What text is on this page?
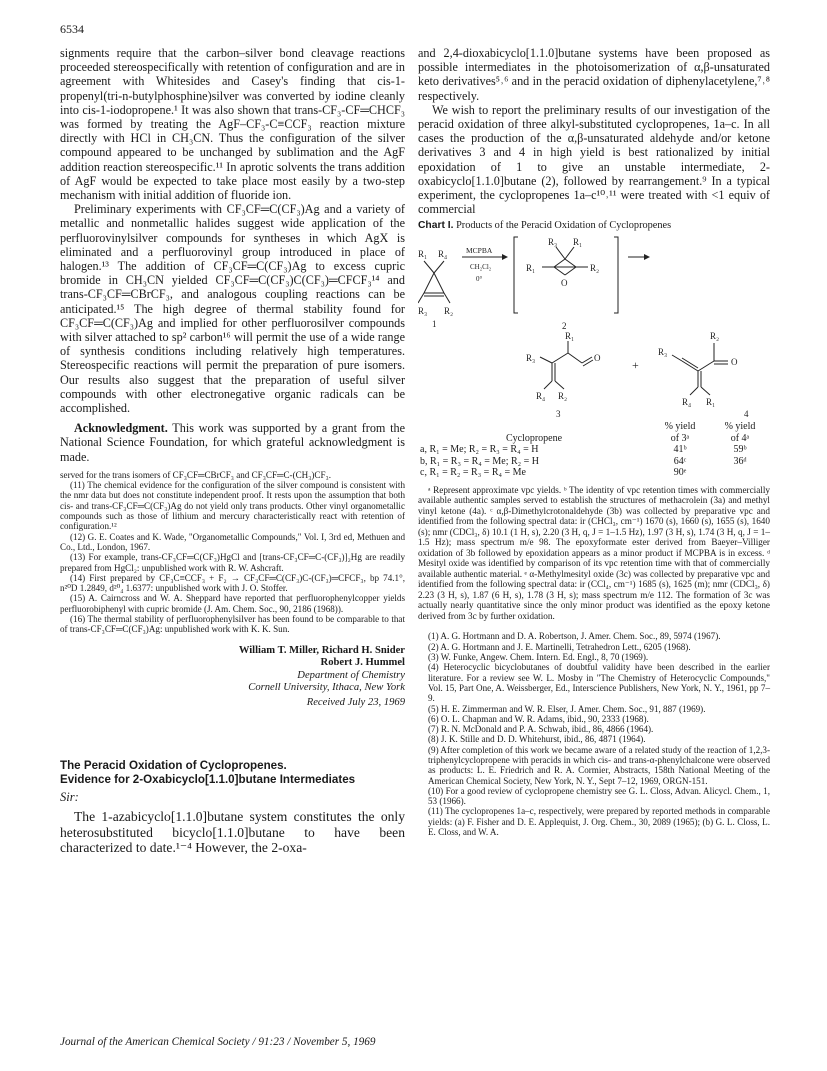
6534

signments require that the carbon–silver bond cleavage reactions proceeded stereospecifically with retention of configuration and are in agreement with Whitesides and Casey's finding that cis-1-propenyl(tri-n-butylphosphine)silver was converted by iodine cleanly into cis-1-iodopropene.¹ It was also shown that trans-CF₃-CF═CHCF₃ was formed by treating the AgF–CF₃-C≡CCF₃ reaction mixture directly with HCl in CH₃CN. Thus the configuration of the silver compound appeared to be unchanged by sublimation and the AgF addition reaction stereospecific.¹¹ In aprotic solvents the trans addition of AgF would be expected to take place most easily by a two-step mechanism with initial addition of fluoride ion.

Preliminary experiments with CF₃CF═C(CF₃)Ag and a variety of metallic and nonmetallic halides suggest wide application of the perfluorovinylsilver compounds for syntheses in which AgX is eliminated and a perfluorovinyl group introduced in place of halogen.¹³ The addition of CF₃CF═C(CF₃)Ag to excess cupric bromide in CH₃CN yielded CF₃CF═C(CF₃)C(CF₃)═CFCF₃¹⁴ and trans-CF₃CF═CBrCF₃, and analogous coupling reactions can be anticipated.¹⁵ The high degree of thermal stability found for CF₃CF═C(CF₃)Ag and implied for other perfluorosilver compounds with silver attached to sp² carbon¹⁶ will permit the use of a wide range of synthesis conditions including relatively high temperatures. Stereospecific reactions will permit the preparation of pure isomers. Our results also suggest that the preparation of useful silver compounds with other electronegative organic radicals can be accomplished.

Acknowledgment. This work was supported by a grant from the National Science Foundation, for which grateful acknowledgment is made.

served for the trans isomers of CF₃CF═CBrCF₃ and CF₃CF═C-(CH₃)CF₃.

(11) The chemical evidence for the configuration of the silver compound is consistent with the nmr data but does not constitute independent proof. It rests upon the assumption that both cis- and trans-CF₃CF═C(CF₃)Ag do not yield only trans products. Other vinyl organometallic compounds such as those of lithium and mercury characteristically react with retention of configuration.¹²

(12) G. E. Coates and K. Wade, "Organometallic Compounds," Vol. I, 3rd ed, Methuen and Co., Ltd., London, 1967.

(13) For example, trans-CF₃CF═C(CF₃)HgCl and [trans-CF₃CF═C-(CF₃)]₂Hg are readily prepared from HgCl₂: unpublished work with R. W. Ashcraft.

(14) First prepared by CF₃C≡CCF₃ + F₂ → CF₃CF═C(CF₃)C-(CF₃)═CFCF₃, bp 74.1°, n²⁰D 1.2849, d²⁰₄ 1.6377: unpublished work with J. O. Stoffer.

(15) A. Cairncross and W. A. Sheppard have reported that perfluorophenylcopper yields perfluorobiphenyl with cupric bromide (J. Am. Chem. Soc., 90, 2186 (1968)).

(16) The thermal stability of perfluorophenylsilver has been found to be comparable to that of trans-CF₃CF═C(CF₃)Ag: unpublished work with K. K. Sun.

William T. Miller, Richard H. Snider
Robert J. Hummel
Department of Chemistry
Cornell University, Ithaca, New York
Received July 23, 1969
The Peracid Oxidation of Cyclopropenes.
Evidence for 2-Oxabicyclo[1.1.0]butane Intermediates
Sir:

The 1-azabicyclo[1.1.0]butane system constitutes the only heterosubstituted bicyclo[1.1.0]butane to have been characterized to date.¹⁻⁴ However, the 2-oxa-

and 2,4-dioxabicyclo[1.1.0]butane systems have been proposed as possible intermediates in the photoisomerization of α,β-unsaturated keto derivatives⁵˒⁶ and in the peracid oxidation of diphenylacetylene,⁷˒⁸ respectively.

We wish to report the preliminary results of our investigation of the peracid oxidation of three alkyl-substituted cyclopropenes, 1a–c. In all cases the production of the α,β-unsaturated aldehyde and/or ketone derivatives 3 and 4 in high yield is best rationalized by initial epoxidation of 1 to give an unstable intermediate, 2-oxabicyclo[1.1.0]butane (2), followed by rearrangement.⁹ In a typical experiment, the cyclopropenes 1a–c¹⁰˒¹¹ were treated with <1 equiv of commercial

Chart I. Products of the Peracid Oxidation of Cyclopropenes
R₁ R₄
R₃ R₂
1
MCPBA
CH₂Cl₂
0°
R₃ R₁
R₁	R₂
O
2
R₁
R₃	O
R₄ R₂
3
+
R₂
R₃
O
R₄ R₁
4
	% yield	% yield
Cyclopropene	of 3ᵃ	of 4ᵃ
a, R₁ = Me; R₂ = R₃ = R₄ = H	41ᵇ	59ᵇ
b, R₁ = R₃ = R₄ = Me; R₂ = H	64ᶜ	36ᵈ
c, R₁ = R₂ = R₃ = R₄ = Me	90ᵉ	

ᵃ Represent approximate vpc yields. ᵇ The identity of vpc retention times with commercially available authentic samples served to establish the structures of methacrolein (3a) and methyl vinyl ketone (4a). ᶜ α,β-Dimethylcrotonaldehyde (3b) was collected by preparative vpc and identified from the following spectral data: ir (CHCl₃, cm⁻¹) 1670 (s), 1660 (s), 1655 (s), 1640 (s); nmr (CDCl₃, δ) 10.1 (1 H, s), 2.20 (3 H, q, J = 1–1.5 Hz), 1.97 (3 H, s), 1.74 (3 H, q, J = 1–1.5 Hz); mass spectrum m/e 98. The epoxyformate ester derived from Baeyer–Villiger oxidation of 3b followed by epoxidation appears as a minor product if MCPBA is in excess. ᵈ Mesityl oxide was identified by comparison of its vpc retention time with that of commercially available authentic material. ᵉ α-Methylmesityl oxide (3c) was collected by preparative vpc and identified from the following spectral data: ir (CCl₄, cm⁻¹) 1685 (s), 1625 (m); nmr (CDCl₃, δ) 2.23 (3 H, s), 1.87 (6 H, s), 1.78 (3 H, s); mass spectrum m/e 112. The formation of 3c was actually nearly quantitative since the only minor product was identified as the epoxy ketone derived from 3c by further oxidation.

(1) A. G. Hortmann and D. A. Robertson, J. Amer. Chem. Soc., 89, 5974 (1967).

(2) A. G. Hortmann and J. E. Martinelli, Tetrahedron Lett., 6205 (1968).

(3) W. Funke, Angew. Chem. Intern. Ed. Engl., 8, 70 (1969).

(4) Heterocyclic bicyclobutanes of doubtful validity have been described in the earlier literature. For a review see W. L. Mosby in "The Chemistry of Heterocyclic Compounds," Vol. 15, Part One, A. Weissberger, Ed., Interscience Publishers, New York, N. Y., 1961, pp 7–9.

(5) H. E. Zimmerman and W. R. Elser, J. Amer. Chem. Soc., 91, 887 (1969).

(6) O. L. Chapman and W. R. Adams, ibid., 90, 2333 (1968).

(7) R. N. McDonald and P. A. Schwab, ibid., 86, 4866 (1964).

(8) J. K. Stille and D. D. Whitehurst, ibid., 86, 4871 (1964).

(9) After completion of this work we became aware of a related study of the reaction of 1,2,3-triphenylcyclopropene with peracids in which cis- and trans-α-phenylchalcone were observed as products: L. E. Friedrich and R. A. Cormier, Abstracts, 158th National Meeting of the American Chemical Society, New York, N. Y., Sept 7–12, 1969, ORGN-151.

(10) For a good review of cyclopropene chemistry see G. L. Closs, Advan. Alicycl. Chem., 1, 53 (1966).

(11) The cyclopropenes 1a–c, respectively, were prepared by reported methods in comparable yields: (a) F. Fisher and D. E. Applequist, J. Org. Chem., 30, 2089 (1965); (b) G. L. Closs, L. E. Closs, and W. A.

Journal of the American Chemical Society / 91:23 / November 5, 1969
